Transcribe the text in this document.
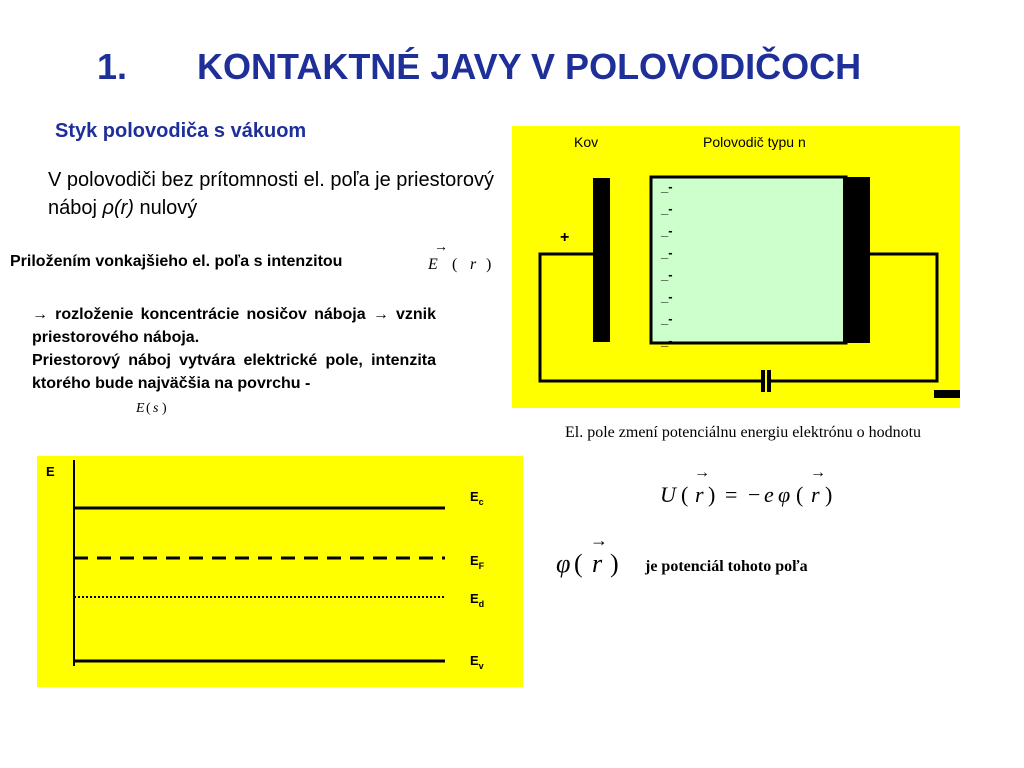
1. KONTAKTNÉ JAVY V POLOVODIČOCH
Styk polovodiča s vákuom
V polovodiči bez prítomnosti el. poľa je priestorový náboj ρ(r) nulový
Priložením vonkajšieho el. poľa s intenzitou
→
E ( r )
→ rozloženie koncentrácie nosičov náboja → vznik priestorového náboja.
Priestorový náboj vytvára elektrické pole, intenzita ktorého bude najväčšia na povrchu -
E ( s )
Kov	Polovodič typu n
_-
_-
_-
_-
_-
_-
_-
_-
+
El. pole zmení potenciálnu energiu elektrónu o hodnotu
→	→
U ( r ) = − e φ ( r )
→
φ ( r ) je potenciál tohoto poľa
E
$E_c$
$E_F$
$E_d$
$E_v$
